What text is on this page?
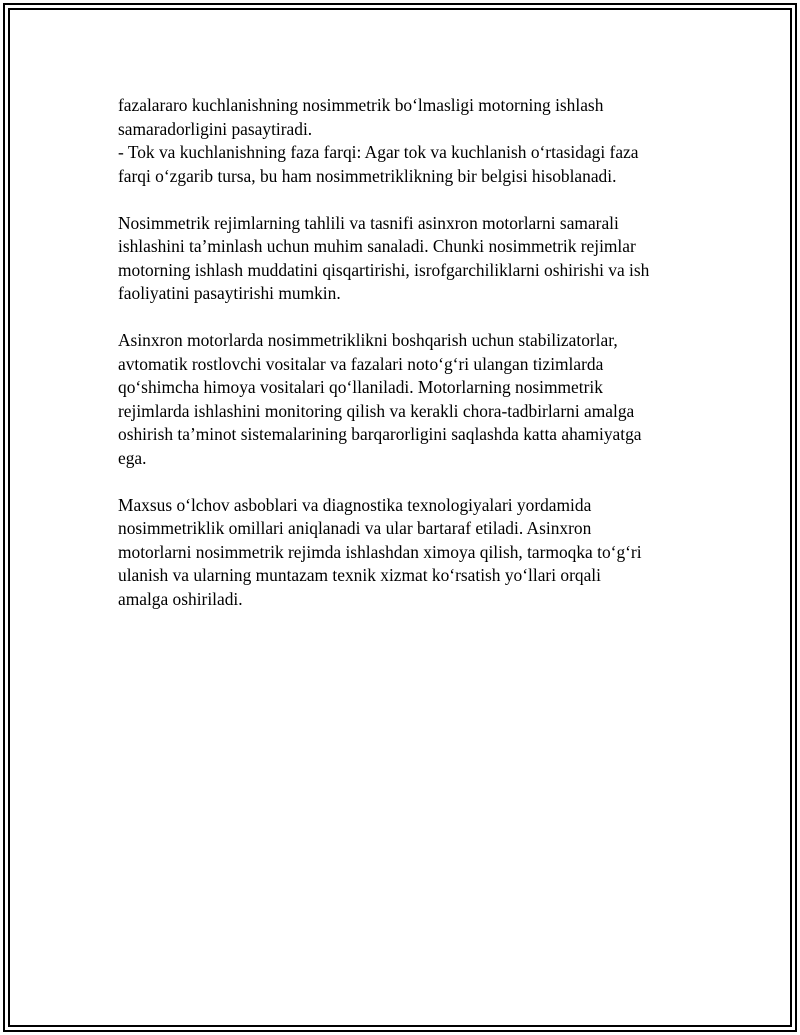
fazalararo kuchlanishning nosimmetrik bo‘lmasligi motorning ishlash
samaradorligini pasaytiradi.
- Tok va kuchlanishning faza farqi: Agar tok va kuchlanish o‘rtasidagi faza
farqi o‘zgarib tursa, bu ham nosimmetriklikning bir belgisi hisoblanadi.

Nosimmetrik rejimlarning tahlili va tasnifi asinxron motorlarni samarali
ishlashini ta’minlash uchun muhim sanaladi. Chunki nosimmetrik rejimlar
motorning ishlash muddatini qisqartirishi, isrofgarchiliklarni oshirishi va ish
faoliyatini pasaytirishi mumkin.

Asinxron motorlarda nosimmetriklikni boshqarish uchun stabilizatorlar,
avtomatik rostlovchi vositalar va fazalari noto‘g‘ri ulangan tizimlarda
qo‘shimcha himoya vositalari qo‘llaniladi. Motorlarning nosimmetrik
rejimlarda ishlashini monitoring qilish va kerakli chora-tadbirlarni amalga
oshirish ta’minot sistemalarining barqarorligini saqlashda katta ahamiyatga
ega.

Maxsus o‘lchov asboblari va diagnostika texnologiyalari yordamida
nosimmetriklik omillari aniqlanadi va ular bartaraf etiladi. Asinxron
motorlarni nosimmetrik rejimda ishlashdan ximoya qilish, tarmoqka to‘g‘ri
ulanish va ularning muntazam texnik xizmat ko‘rsatish yo‘llari orqali
amalga oshiriladi.
